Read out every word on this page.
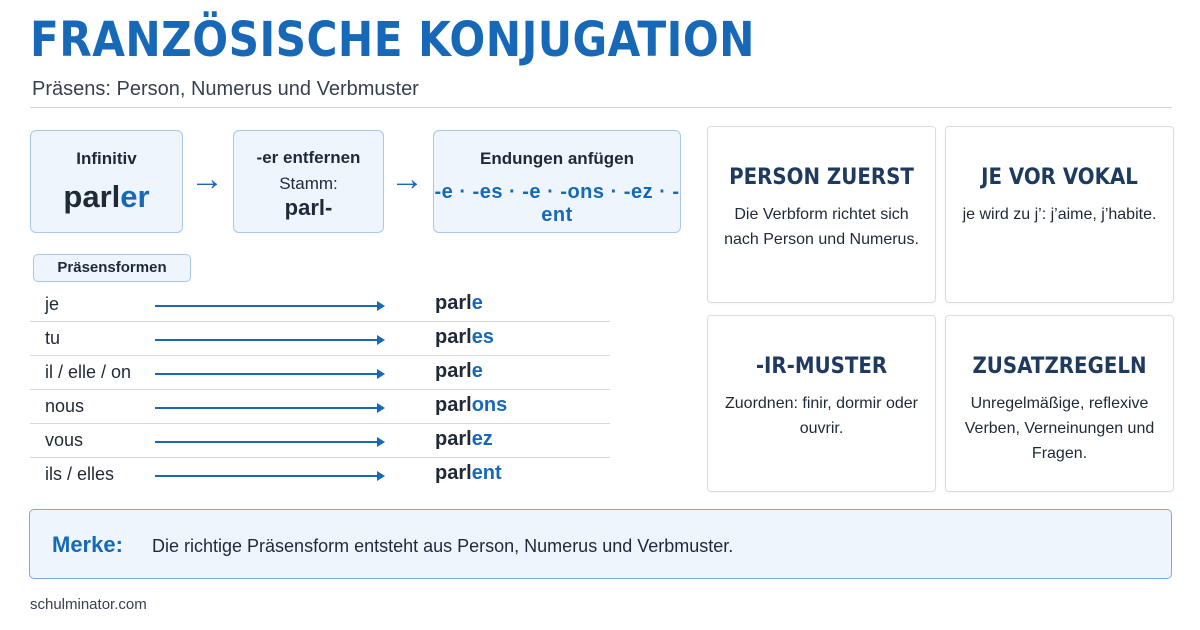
FRANZÖSISCHE KONJUGATION
Präsens: Person, Numerus und Verbmuster
Infinitiv
parler	→
-er entfernen
Stamm:
parl-
→
Endungen anfügen
-e · -es · -e · -ons · -ez · -ent
Präsensformen
je	parle
tu	parles
il / elle / on	parle
nous	parlons
vous	parlez
ils / elles	parlent
PERSON ZUERST
Die Verbform richtet sich nach Person und Numerus.
JE VOR VOKAL
je wird zu j’: j’aime, j’habite.
-IR-MUSTER
Zuordnen: finir, dormir oder ouvrir.
ZUSATZREGELN
Unregelmäßige, reflexive Verben, Verneinungen und Fragen.
Merke: Die richtige Präsensform entsteht aus Person, Numerus und Verbmuster.
schulminator.com
